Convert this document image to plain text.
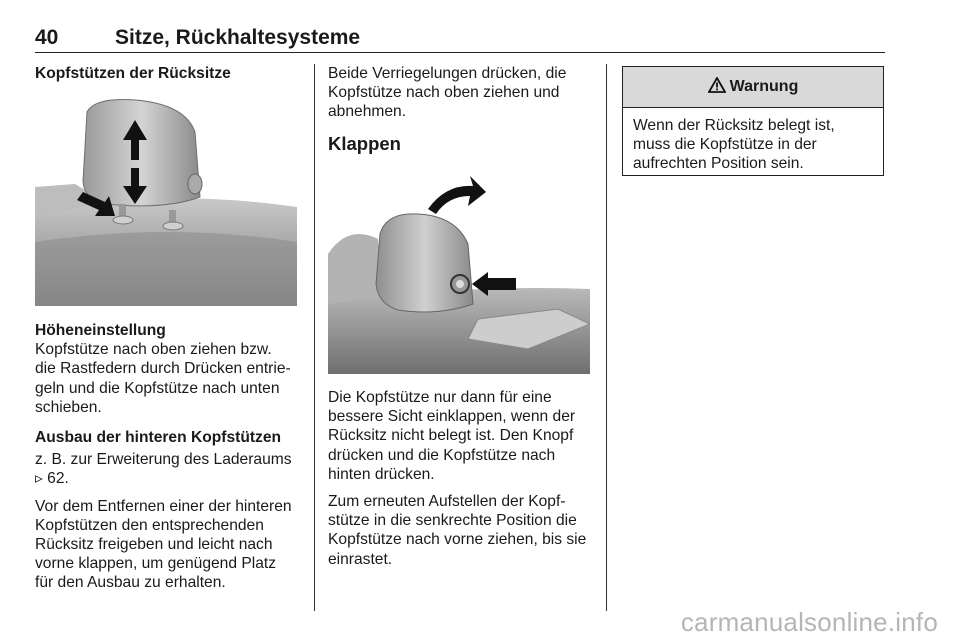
40	Sitze, Rückhaltesysteme

Kopfstützen der Rücksitze

Höheneinstellung

Kopfstütze nach oben ziehen bzw.

die Rastfedern durch Drücken entrie-

geln und die Kopfstütze nach unten

schieben.

Ausbau der hinteren Kopfstützen

z. B. zur Erweiterung des Laderaums

▹ 62.

Vor dem Entfernen einer der hinteren

Kopfstützen den entsprechenden

Rücksitz freigeben und leicht nach

vorne klappen, um genügend Platz

für den Ausbau zu erhalten.

Beide Verriegelungen drücken, die

Kopfstütze nach oben ziehen und

abnehmen.

Klappen

Die Kopfstütze nur dann für eine

bessere Sicht einklappen, wenn der

Rücksitz nicht belegt ist. Den Knopf

drücken und die Kopfstütze nach

hinten drücken.

Zum erneuten Aufstellen der Kopf-

stütze in die senkrechte Position die

Kopfstütze nach vorne ziehen, bis sie

einrastet.

Warnung
Wenn der Rücksitz belegt ist,
muss die Kopfstütze in der
aufrechten Position sein.
carmanualsonline.info
